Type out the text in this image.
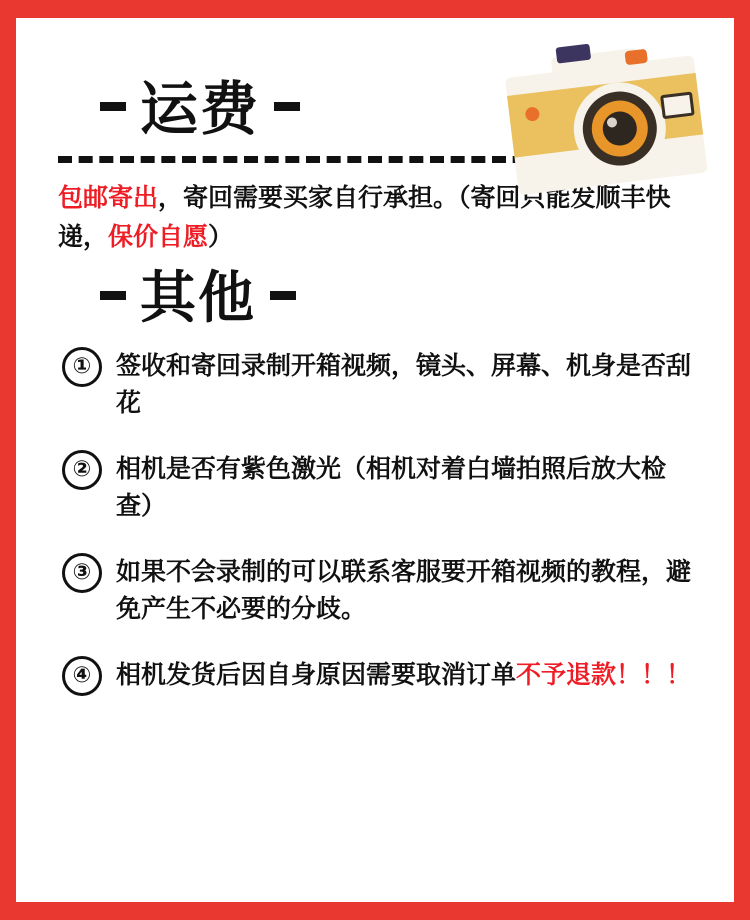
运费

包邮寄出，寄回需要买家自行承担。（寄回只能发顺丰快递，保价自愿）

其他
① 签收和寄回录制开箱视频，镜头、屏幕、机身是否刮花
② 相机是否有紫色激光（相机对着白墙拍照后放大检查）
③ 如果不会录制的可以联系客服要开箱视频的教程，避免产生不必要的分歧。
④ 相机发货后因自身原因需要取消订单不予退款！！！
